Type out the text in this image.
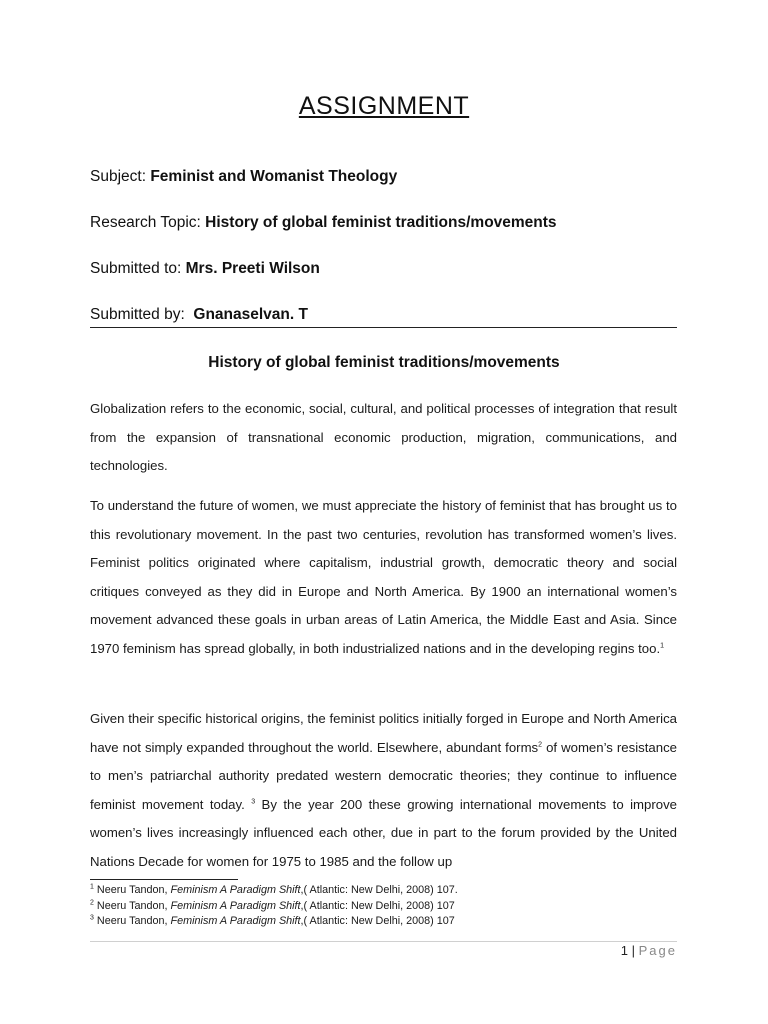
ASSIGNMENT
Subject: Feminist and Womanist Theology
Research Topic: History of global feminist traditions/movements
Submitted to: Mrs. Preeti Wilson
Submitted by: Gnanaselvan. T
History of global feminist traditions/movements
Globalization refers to the economic, social, cultural, and political processes of integration that result from the expansion of transnational economic production, migration, communications, and technologies.
To understand the future of women, we must appreciate the history of feminist that has brought us to this revolutionary movement. In the past two centuries, revolution has transformed women’s lives. Feminist politics originated where capitalism, industrial growth, democratic theory and social critiques conveyed as they did in Europe and North America. By 1900 an international women’s movement advanced these goals in urban areas of Latin America, the Middle East and Asia. Since 1970 feminism has spread globally, in both industrialized nations and in the developing regins too.$^1$
Given their specific historical origins, the feminist politics initially forged in Europe and North America have not simply expanded throughout the world. Elsewhere, abundant forms$^2$ of women’s resistance to men’s patriarchal authority predated western democratic theories; they continue to influence feminist movement today. $^3$ By the year 200 these growing international movements to improve women’s lives increasingly influenced each other, due in part to the forum provided by the United Nations Decade for women for 1975 to 1985 and the follow up
$^1$ Neeru Tandon, Feminism A Paradigm Shift,( Atlantic: New Delhi, 2008) 107.
$^2$ Neeru Tandon, Feminism A Paradigm Shift,( Atlantic: New Delhi, 2008) 107
$^3$ Neeru Tandon, Feminism A Paradigm Shift,( Atlantic: New Delhi, 2008) 107
1 | Page
